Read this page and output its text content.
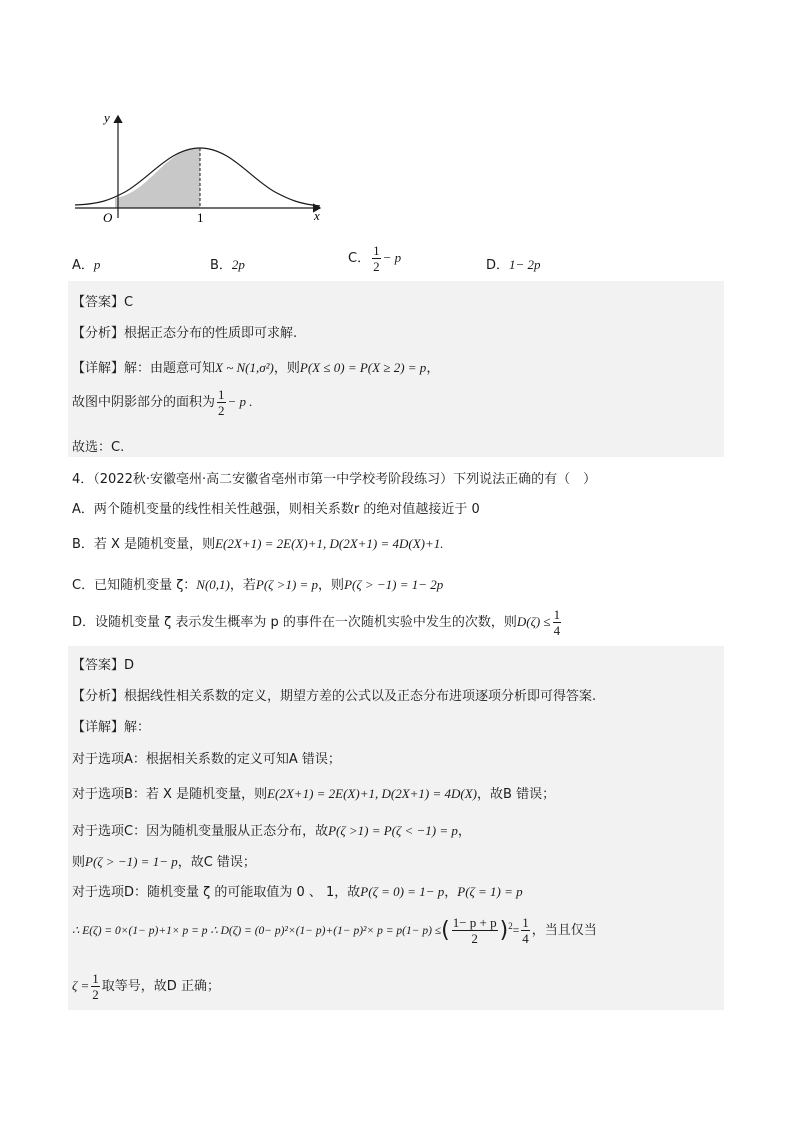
y
x
O	1
A．p	B．2p	C． $\frac{1}{2} - p$
D．1− 2p
【答案】C
【分析】根据正态分布的性质即可求解.
【详解】解：由题意可知X ~ N(1,σ²)，则P(X ≤ 0) = P(X ≥ 2) = p，
故图中阴影部分的面积为 $\frac{1}{2} - p$ .
故选：C.
4．（2022秋·安徽亳州·高二安徽省亳州市第一中学校考阶段练习）下列说法正确的有（　）
A．两个随机变量的线性相关性越强，则相关系数r 的绝对值越接近于 0
B．若 X 是随机变量，则E(2X+1) = 2E(X)+1, D(2X+1) = 4D(X)+1.
C．已知随机变量 ζ：N(0,1)，若P(ζ >1) = p，则P(ζ > −1) = 1− 2p
D．设随机变量 ζ 表示发生概率为 p 的事件在一次随机实验中发生的次数，则$D(\zeta) \le \frac{1}{4}$
【答案】D
【分析】根据线性相关系数的定义，期望方差的公式以及正态分布进项逐项分析即可得答案.
【详解】解：
对于选项A：根据相关系数的定义可知A 错误；
对于选项B：若 X 是随机变量，则E(2X+1) = 2E(X)+1, D(2X+1) = 4D(X)，故B 错误；
对于选项C：因为随机变量服从正态分布，故P(ζ >1) = P(ζ < −1) = p，
则P(ζ > −1) = 1− p，故C 错误；
对于选项D：随机变量 ζ 的可能取值为 0 、 1，故P(ζ = 0) = 1− p，P(ζ = 1) = p
∴ E(ζ) = 0×(1− p)+1× p = p ∴ D(ζ) = (0− p)²×(1− p)+(1− p)²× p = p(1− p) ≤( $\frac{1- p + p}{2} )^2= \frac{1}{4}$ ，当且仅当
$\zeta = \frac{1}{2}$ 取等号，故D 正确；
